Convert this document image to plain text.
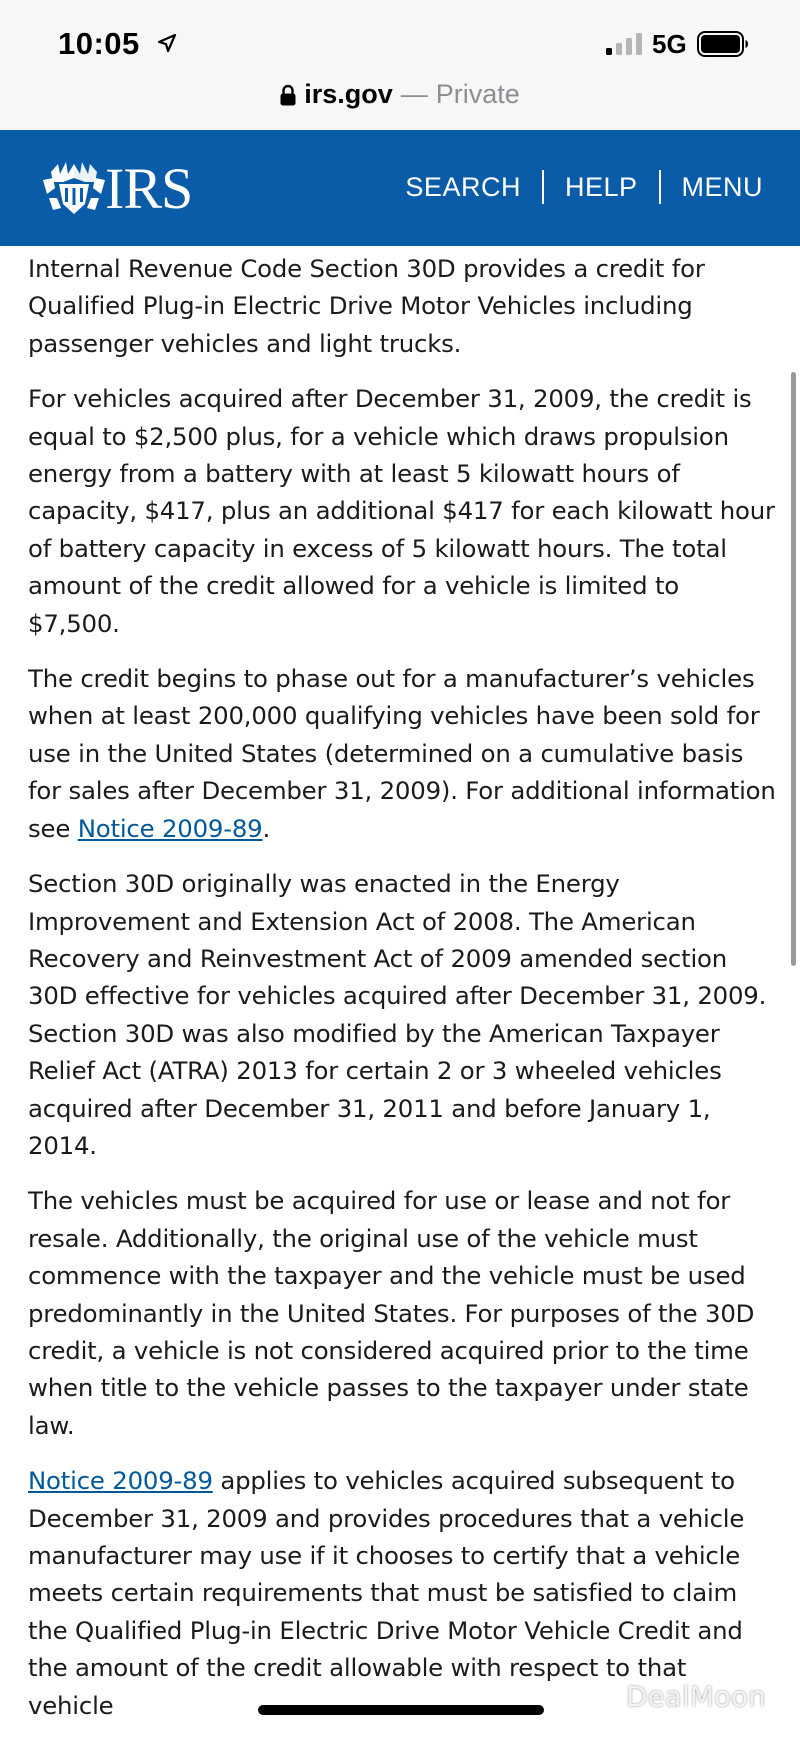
10:05	5G
irs.gov — Private
IRS	SEARCH HELP MENU

Internal Revenue Code Section 30D provides a credit for Qualified Plug-in Electric Drive Motor Vehicles including passenger vehicles and light trucks.

For vehicles acquired after December 31, 2009, the credit is equal to $2,500 plus, for a vehicle which draws propulsion energy from a battery with at least 5 kilowatt hours of capacity, $417, plus an additional $417 for each kilowatt hour of battery capacity in excess of 5 kilowatt hours. The total amount of the credit allowed for a vehicle is limited to $7,500.

The credit begins to phase out for a manufacturer’s vehicles when at least 200,000 qualifying vehicles have been sold for use in the United States (determined on a cumulative basis for sales after December 31, 2009). For additional information see Notice 2009-89.

Section 30D originally was enacted in the Energy Improvement and Extension Act of 2008. The American Recovery and Reinvestment Act of 2009 amended section 30D effective for vehicles acquired after December 31, 2009. Section 30D was also modified by the American Taxpayer Relief Act (ATRA) 2013 for certain 2 or 3 wheeled vehicles acquired after December 31, 2011 and before January 1, 2014.

The vehicles must be acquired for use or lease and not for resale. Additionally, the original use of the vehicle must commence with the taxpayer and the vehicle must be used predominantly in the United States. For purposes of the 30D credit, a vehicle is not considered acquired prior to the time when title to the vehicle passes to the taxpayer under state law.

Notice 2009-89 applies to vehicles acquired subsequent to December 31, 2009 and provides procedures that a vehicle manufacturer may use if it chooses to certify that a vehicle meets certain requirements that must be satisfied to claim the Qualified Plug-in Electric Drive Motor Vehicle Credit and the amount of the credit allowable with respect to that vehicle	DealMoon
